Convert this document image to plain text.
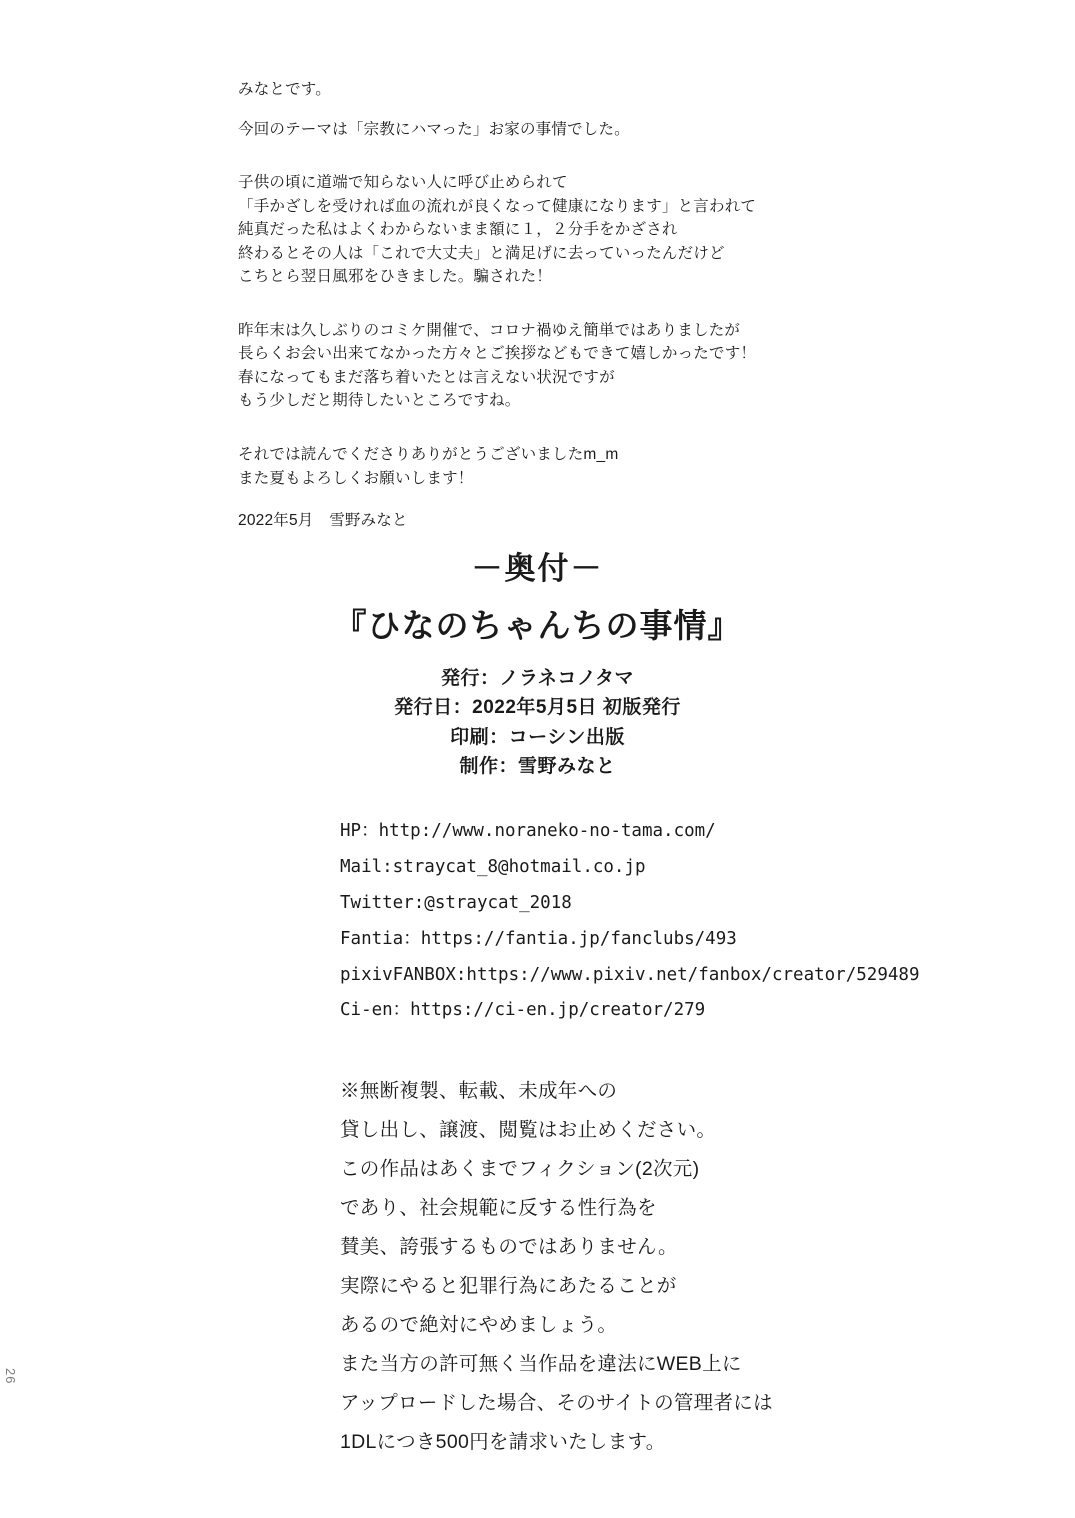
みなとです。
今回のテーマは「宗教にハマった」お家の事情でした。
子供の頃に道端で知らない人に呼び止められて
「手かざしを受ければ血の流れが良くなって健康になります」と言われて
純真だった私はよくわからないまま額に１，２分手をかざされ
終わるとその人は「これで大丈夫」と満足げに去っていったんだけど
こちとら翌日風邪をひきました。騙された！
昨年末は久しぶりのコミケ開催で、コロナ禍ゆえ簡単ではありましたが
長らくお会い出来てなかった方々とご挨拶などもできて嬉しかったです！
春になってもまだ落ち着いたとは言えない状況ですが
もう少しだと期待したいところですね。
それでは読んでくださりありがとうございましたm_m
また夏もよろしくお願いします！
2022年5月　雪野みなと
－奥付－
『ひなのちゃんちの事情』
発行：ノラネコノタマ
発行日：2022年5月5日 初版発行
印刷：コーシン出版
制作：雪野みなと
HP：http://www.noraneko-no-tama.com/
Mail:straycat_8@hotmail.co.jp
Twitter:@straycat_2018
Fantia：https://fantia.jp/fanclubs/493
pixivFANBOX:https://www.pixiv.net/fanbox/creator/529489
Ci-en：https://ci-en.jp/creator/279
※無断複製、転載、未成年への
貸し出し、譲渡、閲覧はお止めください。
この作品はあくまでフィクション(2次元)
であり、社会規範に反する性行為を
賛美、誇張するものではありません。
実際にやると犯罪行為にあたることが
あるので絶対にやめましょう。
また当方の許可無く当作品を違法にWEB上に
アップロードした場合、そのサイトの管理者には
1DLにつき500円を請求いたします。
26
